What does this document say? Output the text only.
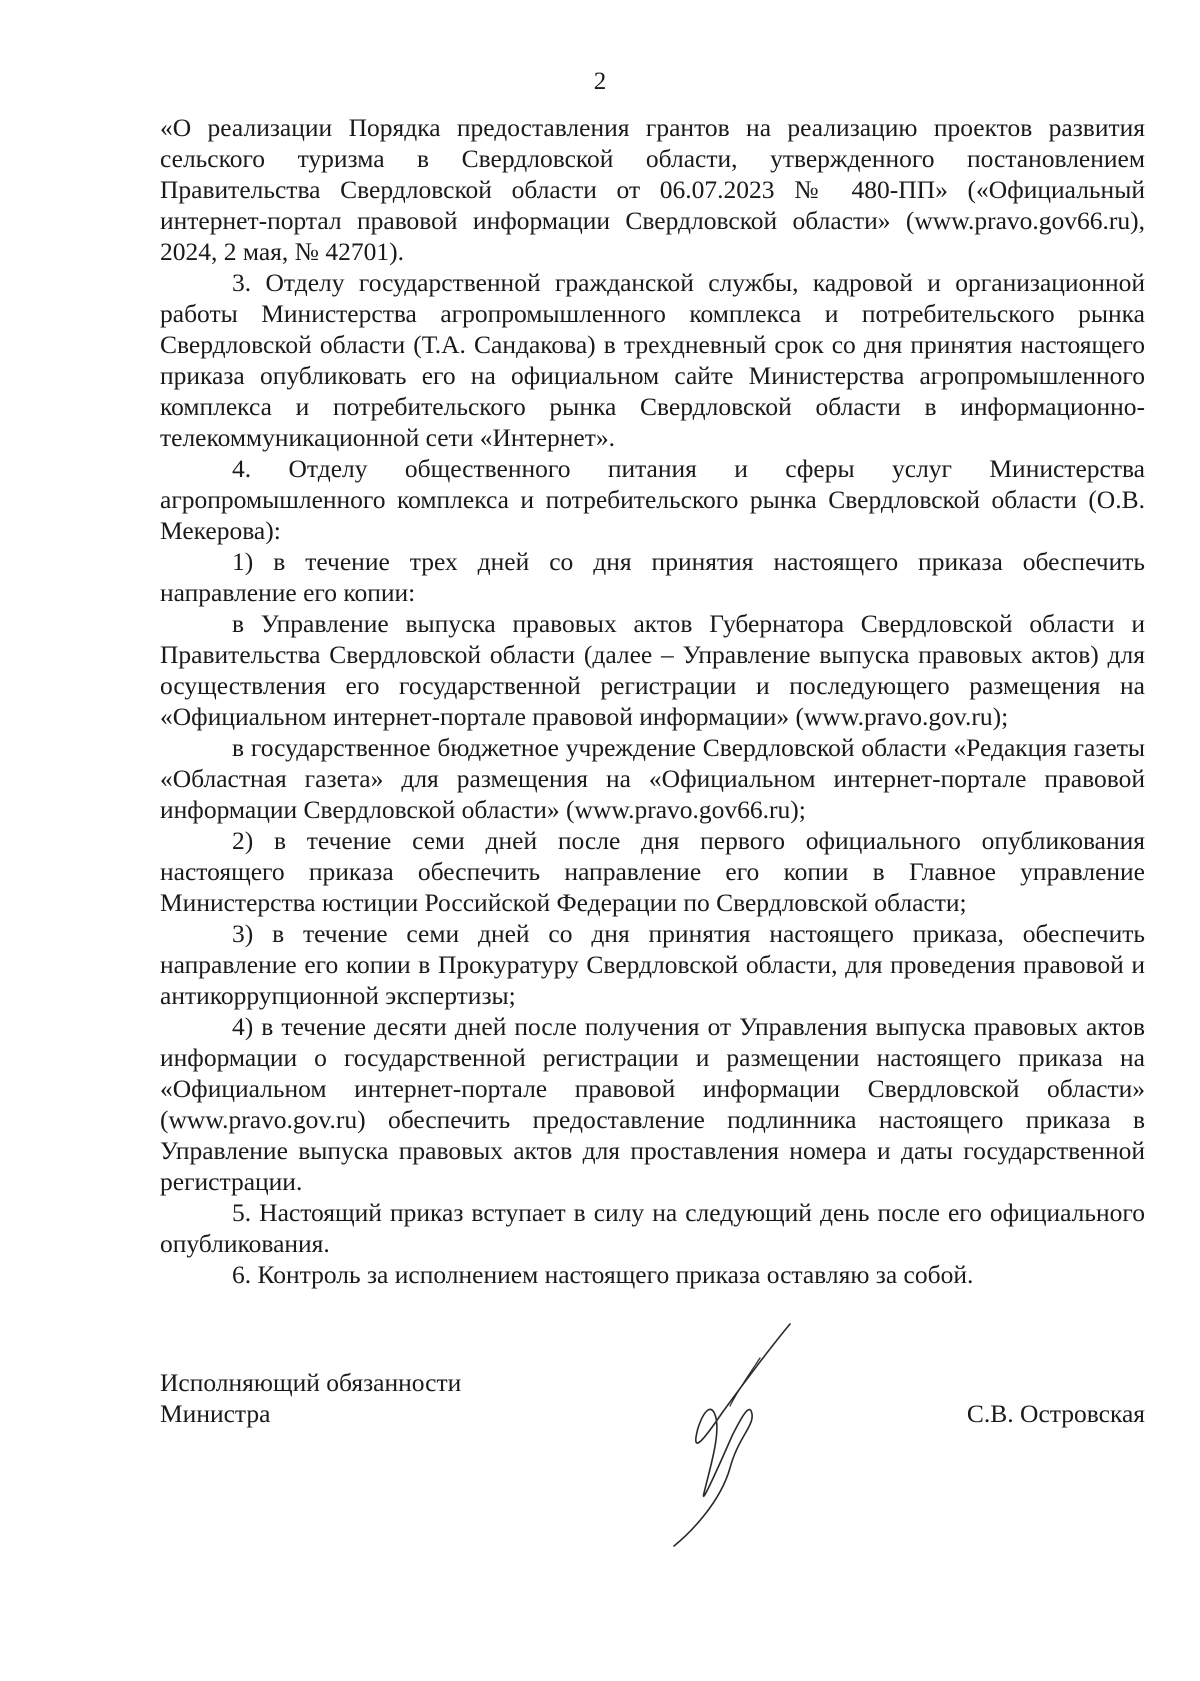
2

«О реализации Порядка предоставления грантов на реализацию проектов развития сельского туризма в Свердловской области, утвержденного постановлением Правительства Свердловской области от 06.07.2023 № 480-ПП» («Официальный интернет-портал правовой информации Свердловской области» (www.pravo.gov66.ru), 2024, 2 мая, № 42701).

3. Отделу государственной гражданской службы, кадровой и организационной работы Министерства агропромышленного комплекса и потребительского рынка Свердловской области (Т.А. Сандакова) в трехдневный срок со дня принятия настоящего приказа опубликовать его на официальном сайте Министерства агропромышленного комплекса и потребительского рынка Свердловской области в информационно-телекоммуникационной сети «Интернет».

4. Отделу общественного питания и сферы услуг Министерства агропромышленного комплекса и потребительского рынка Свердловской области (О.В. Мекерова):

1) в течение трех дней со дня принятия настоящего приказа обеспечить направление его копии:

в Управление выпуска правовых актов Губернатора Свердловской области и Правительства Свердловской области (далее – Управление выпуска правовых актов) для осуществления его государственной регистрации и последующего размещения на «Официальном интернет-портале правовой информации» (www.pravo.gov.ru);

в государственное бюджетное учреждение Свердловской области «Редакция газеты «Областная газета» для размещения на «Официальном интернет-портале правовой информации Свердловской области» (www.pravo.gov66.ru);

2) в течение семи дней после дня первого официального опубликования настоящего приказа обеспечить направление его копии в Главное управление Министерства юстиции Российской Федерации по Свердловской области;

3) в течение семи дней со дня принятия настоящего приказа, обеспечить направление его копии в Прокуратуру Свердловской области, для проведения правовой и антикоррупционной экспертизы;

4) в течение десяти дней после получения от Управления выпуска правовых актов информации о государственной регистрации и размещении настоящего приказа на «Официальном интернет-портале правовой информации Свердловской области» (www.pravo.gov.ru) обеспечить предоставление подлинника настоящего приказа в Управление выпуска правовых актов для проставления номера и даты государственной регистрации.

5. Настоящий приказ вступает в силу на следующий день после его официального опубликования.

6. Контроль за исполнением настоящего приказа оставляю за собой.

Исполняющий обязанности
Министра	С.В. Островская
